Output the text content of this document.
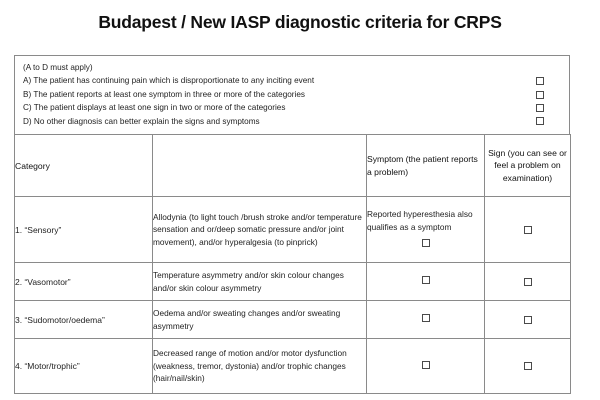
Budapest / New IASP diagnostic criteria for CRPS
(A to D must apply)
A) The patient has continuing pain which is disproportionate to any inciting event
B) The patient reports at least one symptom in three or more of the categories
C) The patient displays at least one sign in two or more of the categories
D) No other diagnosis can better explain the signs and symptoms
Category		Symptom (the patient reports a problem)	Sign (you can see or feel a problem on examination)
1. “Sensory”	Allodynia (to light touch /brush stroke and/or temperature sensation and or/deep somatic pressure and/or joint movement), and/or hyperalgesia (to pinprick)	Reported hyperesthesia also qualifies as a symptom

2. “Vasomotor”	Temperature asymmetry and/or skin colour changes and/or skin colour asymmetry		
3. “Sudomotor/oedema”	Oedema and/or sweating changes and/or sweating asymmetry		
4. “Motor/trophic”	Decreased range of motion and/or motor dysfunction (weakness, tremor, dystonia) and/or trophic changes (hair/nail/skin)		
